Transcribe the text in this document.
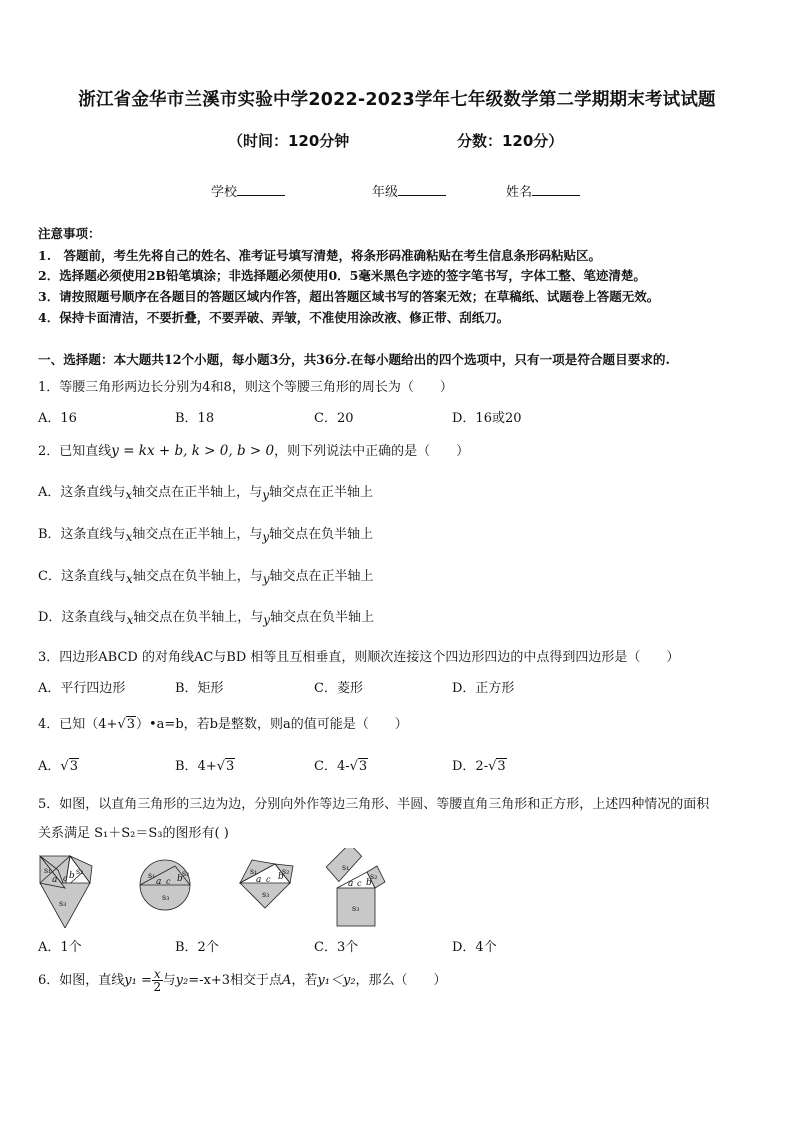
浙江省金华市兰溪市实验中学2022-2023学年七年级数学第二学期期末考试试题
（时间：120分钟	分数：120分）
学校	年级	姓名
注意事项：
1.　答题前，考生先将自己的姓名、准考证号填写清楚，将条形码准确粘贴在考生信息条形码粘贴区。
2．选择题必须使用2B铅笔填涂；非选择题必须使用0．5毫米黑色字迹的签字笔书写，字体工整、笔迹清楚。
3．请按照题号顺序在各题目的答题区域内作答，超出答题区域书写的答案无效；在草稿纸、试题卷上答题无效。
4．保持卡面清洁，不要折叠，不要弄破、弄皱，不准使用涂改液、修正带、刮纸刀。
一、选择题：本大题共12个小题，每小题3分，共36分.在每小题给出的四个选项中，只有一项是符合题目要求的.
1．等腰三角形两边长分别为4和8，则这个等腰三角形的周长为（　　）
A．16	B．18	C．20	D．16或20
2．已知直线y = kx + b, k > 0, b > 0，则下列说法中正确的是（　　）
A．这条直线与x轴交点在正半轴上，与y轴交点在正半轴上
B．这条直线与x轴交点在正半轴上，与y轴交点在负半轴上
C．这条直线与x轴交点在负半轴上，与y轴交点在正半轴上
D．这条直线与x轴交点在负半轴上，与y轴交点在负半轴上
3．四边形ABCD 的对角线AC与BD 相等且互相垂直，则顺次连接这个四边形四边的中点得到四边形是（　　）
A．平行四边形	B．矩形	C．菱形	D．正方形
4．已知（4+√3）•a=b，若b是整数，则a的值可能是（　　）
A．√3	B．4+√3	C．4-√3	D．2-√3
5．如图，以直角三角形的三边为边，分别向外作等边三角形、半圆、等腰直角三角形和正方形，上述四种情况的面积
关系满足 S₁＋S₂＝S₃的图形有( )
s₁	s₂
s₃
a c b	s₁	s₂
s₃
a c b
s₁	s₂
s₃
a c b
s₁
s₂
s₃
a c b
A．1个	B．2个	C．3个	D．4个
6．如图，直线$y_1 = \frac{x}{2}$ 与y₂=-x+3相交于点A，若y₁＜y₂，那么（　　）
